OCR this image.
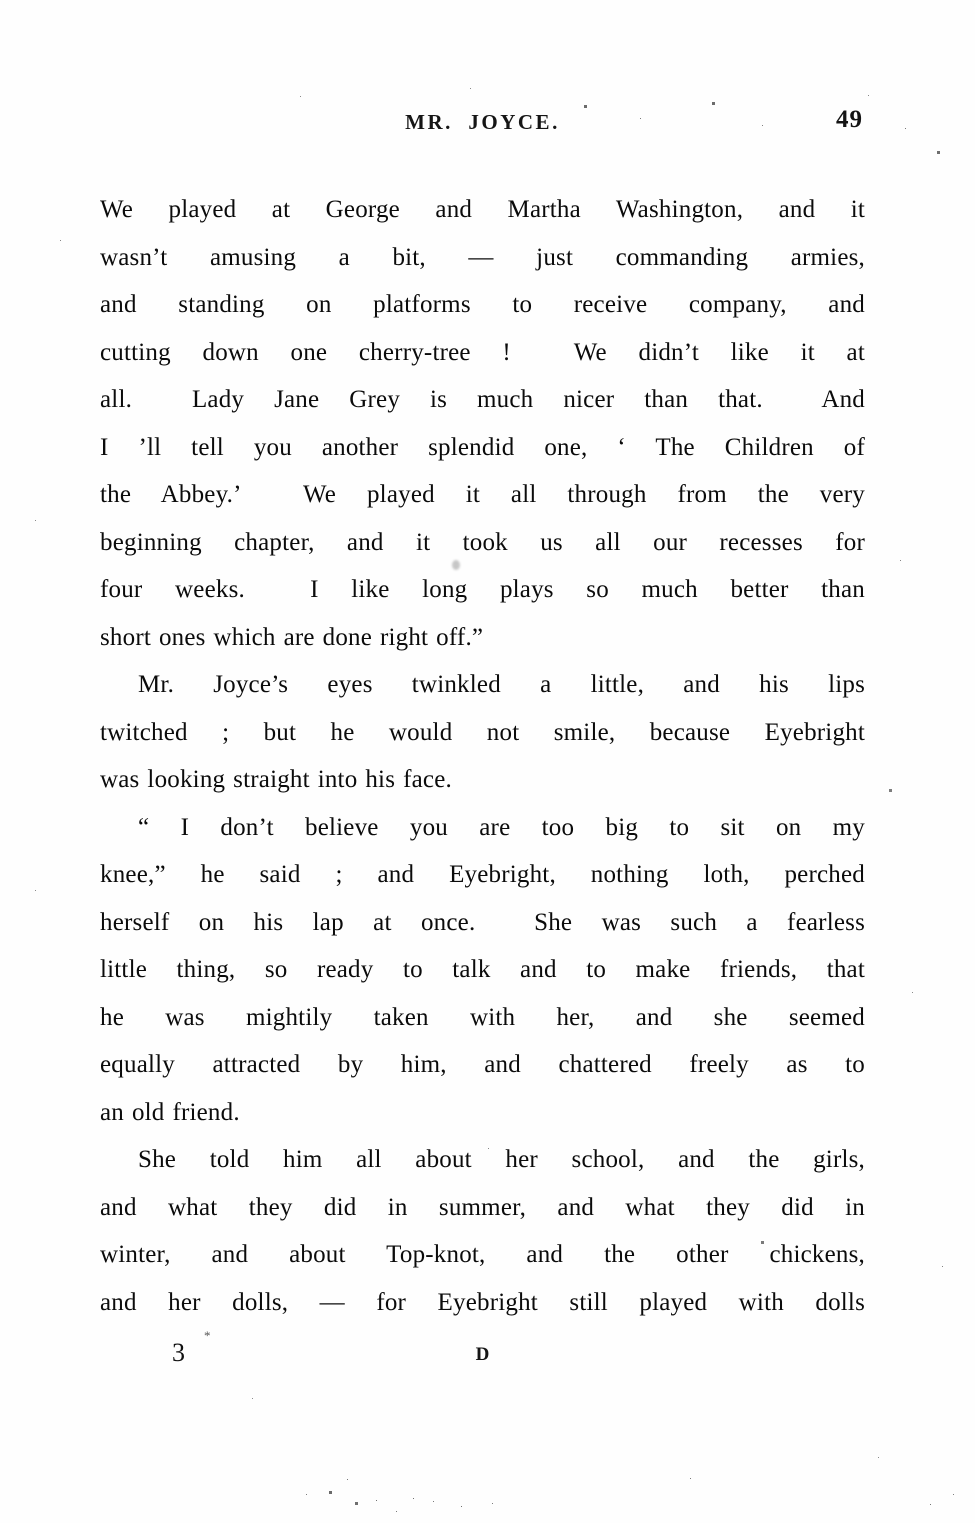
MR.  JOYCE.	49
We played at George and Martha Washington, and it
wasn’t amusing a bit, — just commanding armies,
and standing on platforms to receive company, and
cutting down one cherry-tree !  We didn’t like it at
all.  Lady Jane Grey is much nicer than that.  And
I ’ll tell you another splendid one, ‘ The Children of
the Abbey.’  We played it all through from the very
beginning chapter, and it took us all our recesses for
four weeks.  I like long plays so much better than
short ones which are done right off.”
Mr. Joyce’s eyes twinkled a little, and his lips
twitched ; but he would not smile, because Eyebright
was looking straight into his face.
“ I don’t believe you are too big to sit on my
knee,” he said ; and Eyebright, nothing loth, perched
herself on his lap at once.  She was such a fearless
little thing, so ready to talk and to make friends, that
he was mightily taken with her, and she seemed
equally attracted by him, and chattered freely as to
an old friend.
She told him all about her school, and the girls,
and what they did in summer, and what they did in
winter, and about Top-knot, and the other chickens,
and her dolls, — for Eyebright still played with dolls
3
*
D
